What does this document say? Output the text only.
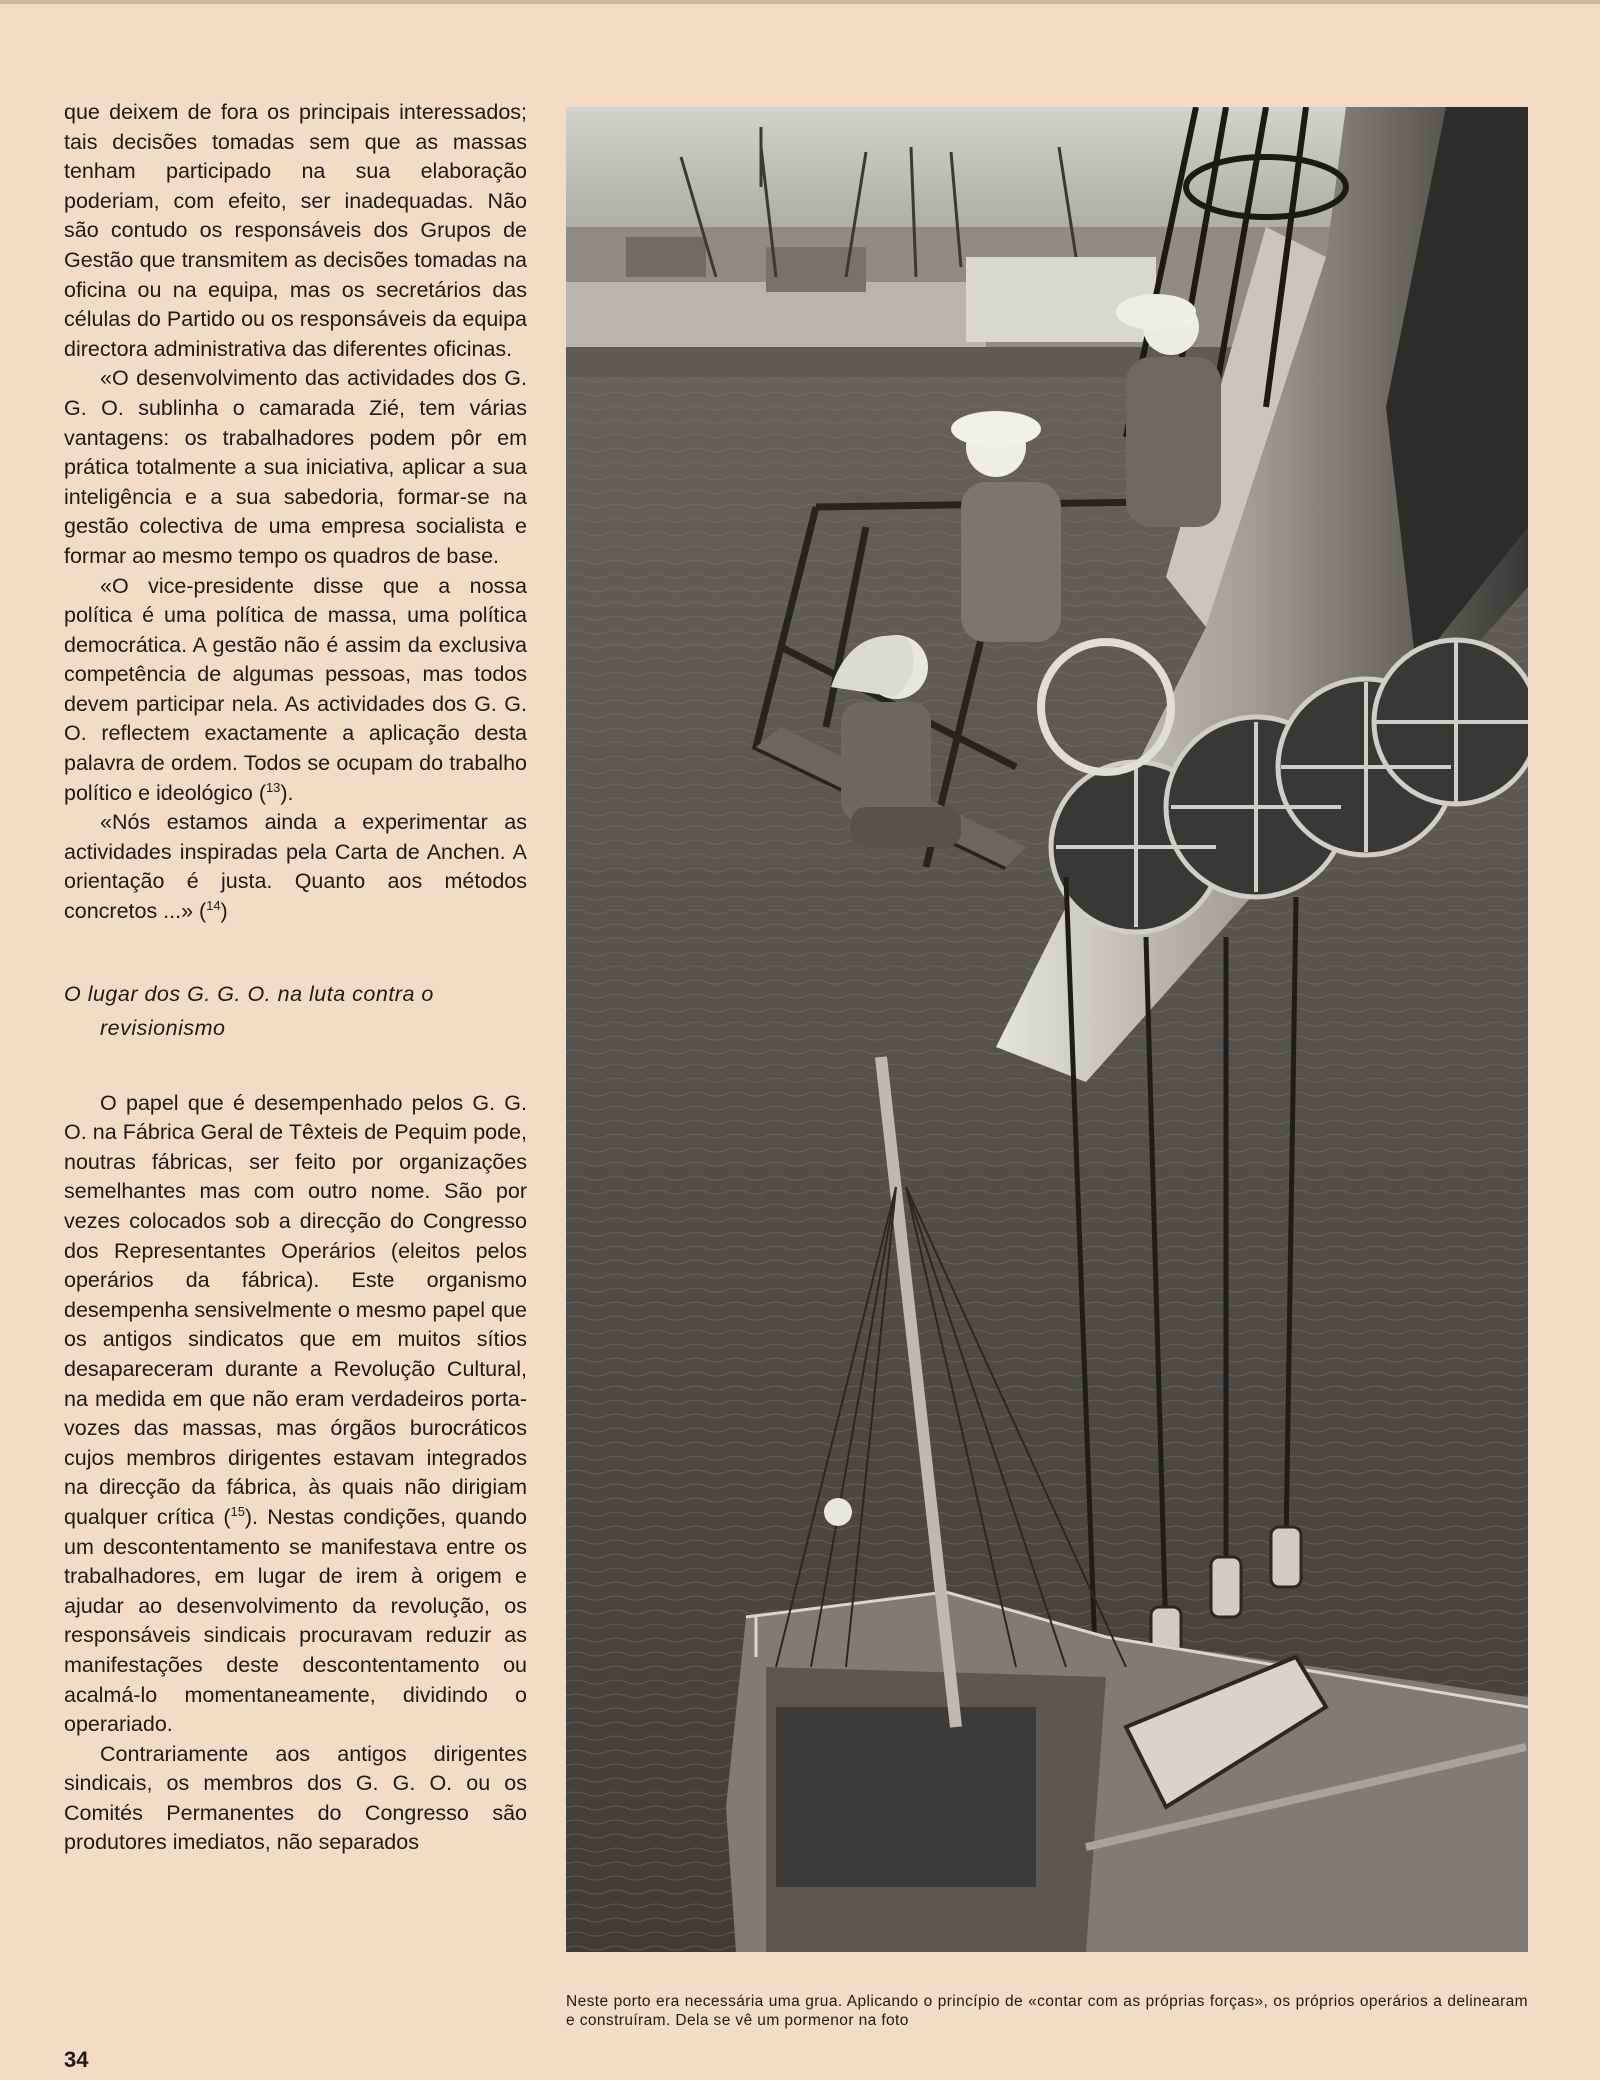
que deixem de fora os principais interessados; tais decisões tomadas sem que as massas tenham participado na sua elaboração poderiam, com efeito, ser inadequadas. Não são contudo os responsáveis dos Grupos de Gestão que transmitem as decisões tomadas na oficina ou na equipa, mas os secretários das células do Partido ou os responsáveis da equipa directora administrativa das diferentes oficinas.

«O desenvolvimento das actividades dos G. G. O. sublinha o camarada Zié, tem várias vantagens: os trabalhadores podem pôr em prática totalmente a sua iniciativa, aplicar a sua inteligência e a sua sabedoria, formar-se na gestão colectiva de uma empresa socialista e formar ao mesmo tempo os quadros de base.

«O vice-presidente disse que a nossa política é uma política de massa, uma política democrática. A gestão não é assim da exclusiva competência de algumas pessoas, mas todos devem participar nela. As actividades dos G. G. O. reflectem exactamente a aplicação desta palavra de ordem. Todos se ocupam do trabalho político e ideológico ($^{13}$).

«Nós estamos ainda a experimentar as actividades inspiradas pela Carta de Anchen. A orientação é justa. Quanto aos métodos concretos ...» ($^{14}$)

O lugar dos G. G. O. na luta contra o
revisionismo

O papel que é desempenhado pelos G. G. O. na Fábrica Geral de Têxteis de Pequim pode, noutras fábricas, ser feito por organizações semelhantes mas com outro nome. São por vezes colocados sob a direcção do Congresso dos Representantes Operários (eleitos pelos operários da fábrica). Este organismo desempenha sensivelmente o mesmo papel que os antigos sindicatos que em muitos sítios desapareceram durante a Revolução Cultural, na medida em que não eram verdadeiros porta-vozes das massas, mas órgãos burocráticos cujos membros dirigentes estavam integrados na direcção da fábrica, às quais não dirigiam qualquer crítica ($^{15}$). Nestas condições, quando um descontentamento se manifestava entre os trabalhadores, em lugar de irem à origem e ajudar ao desenvolvimento da revolução, os responsáveis sindicais procuravam reduzir as manifestações deste descontentamento ou acalmá-lo momentaneamente, dividindo o operariado.

Contrariamente aos antigos dirigentes sindicais, os membros dos G. G. O. ou os Comités Permanentes do Congresso são produtores imediatos, não separados

Neste porto era necessária uma grua. Aplicando o princípio de «contar com as próprias forças», os próprios operários a delinearam e construíram. Dela se vê um pormenor na foto
34
